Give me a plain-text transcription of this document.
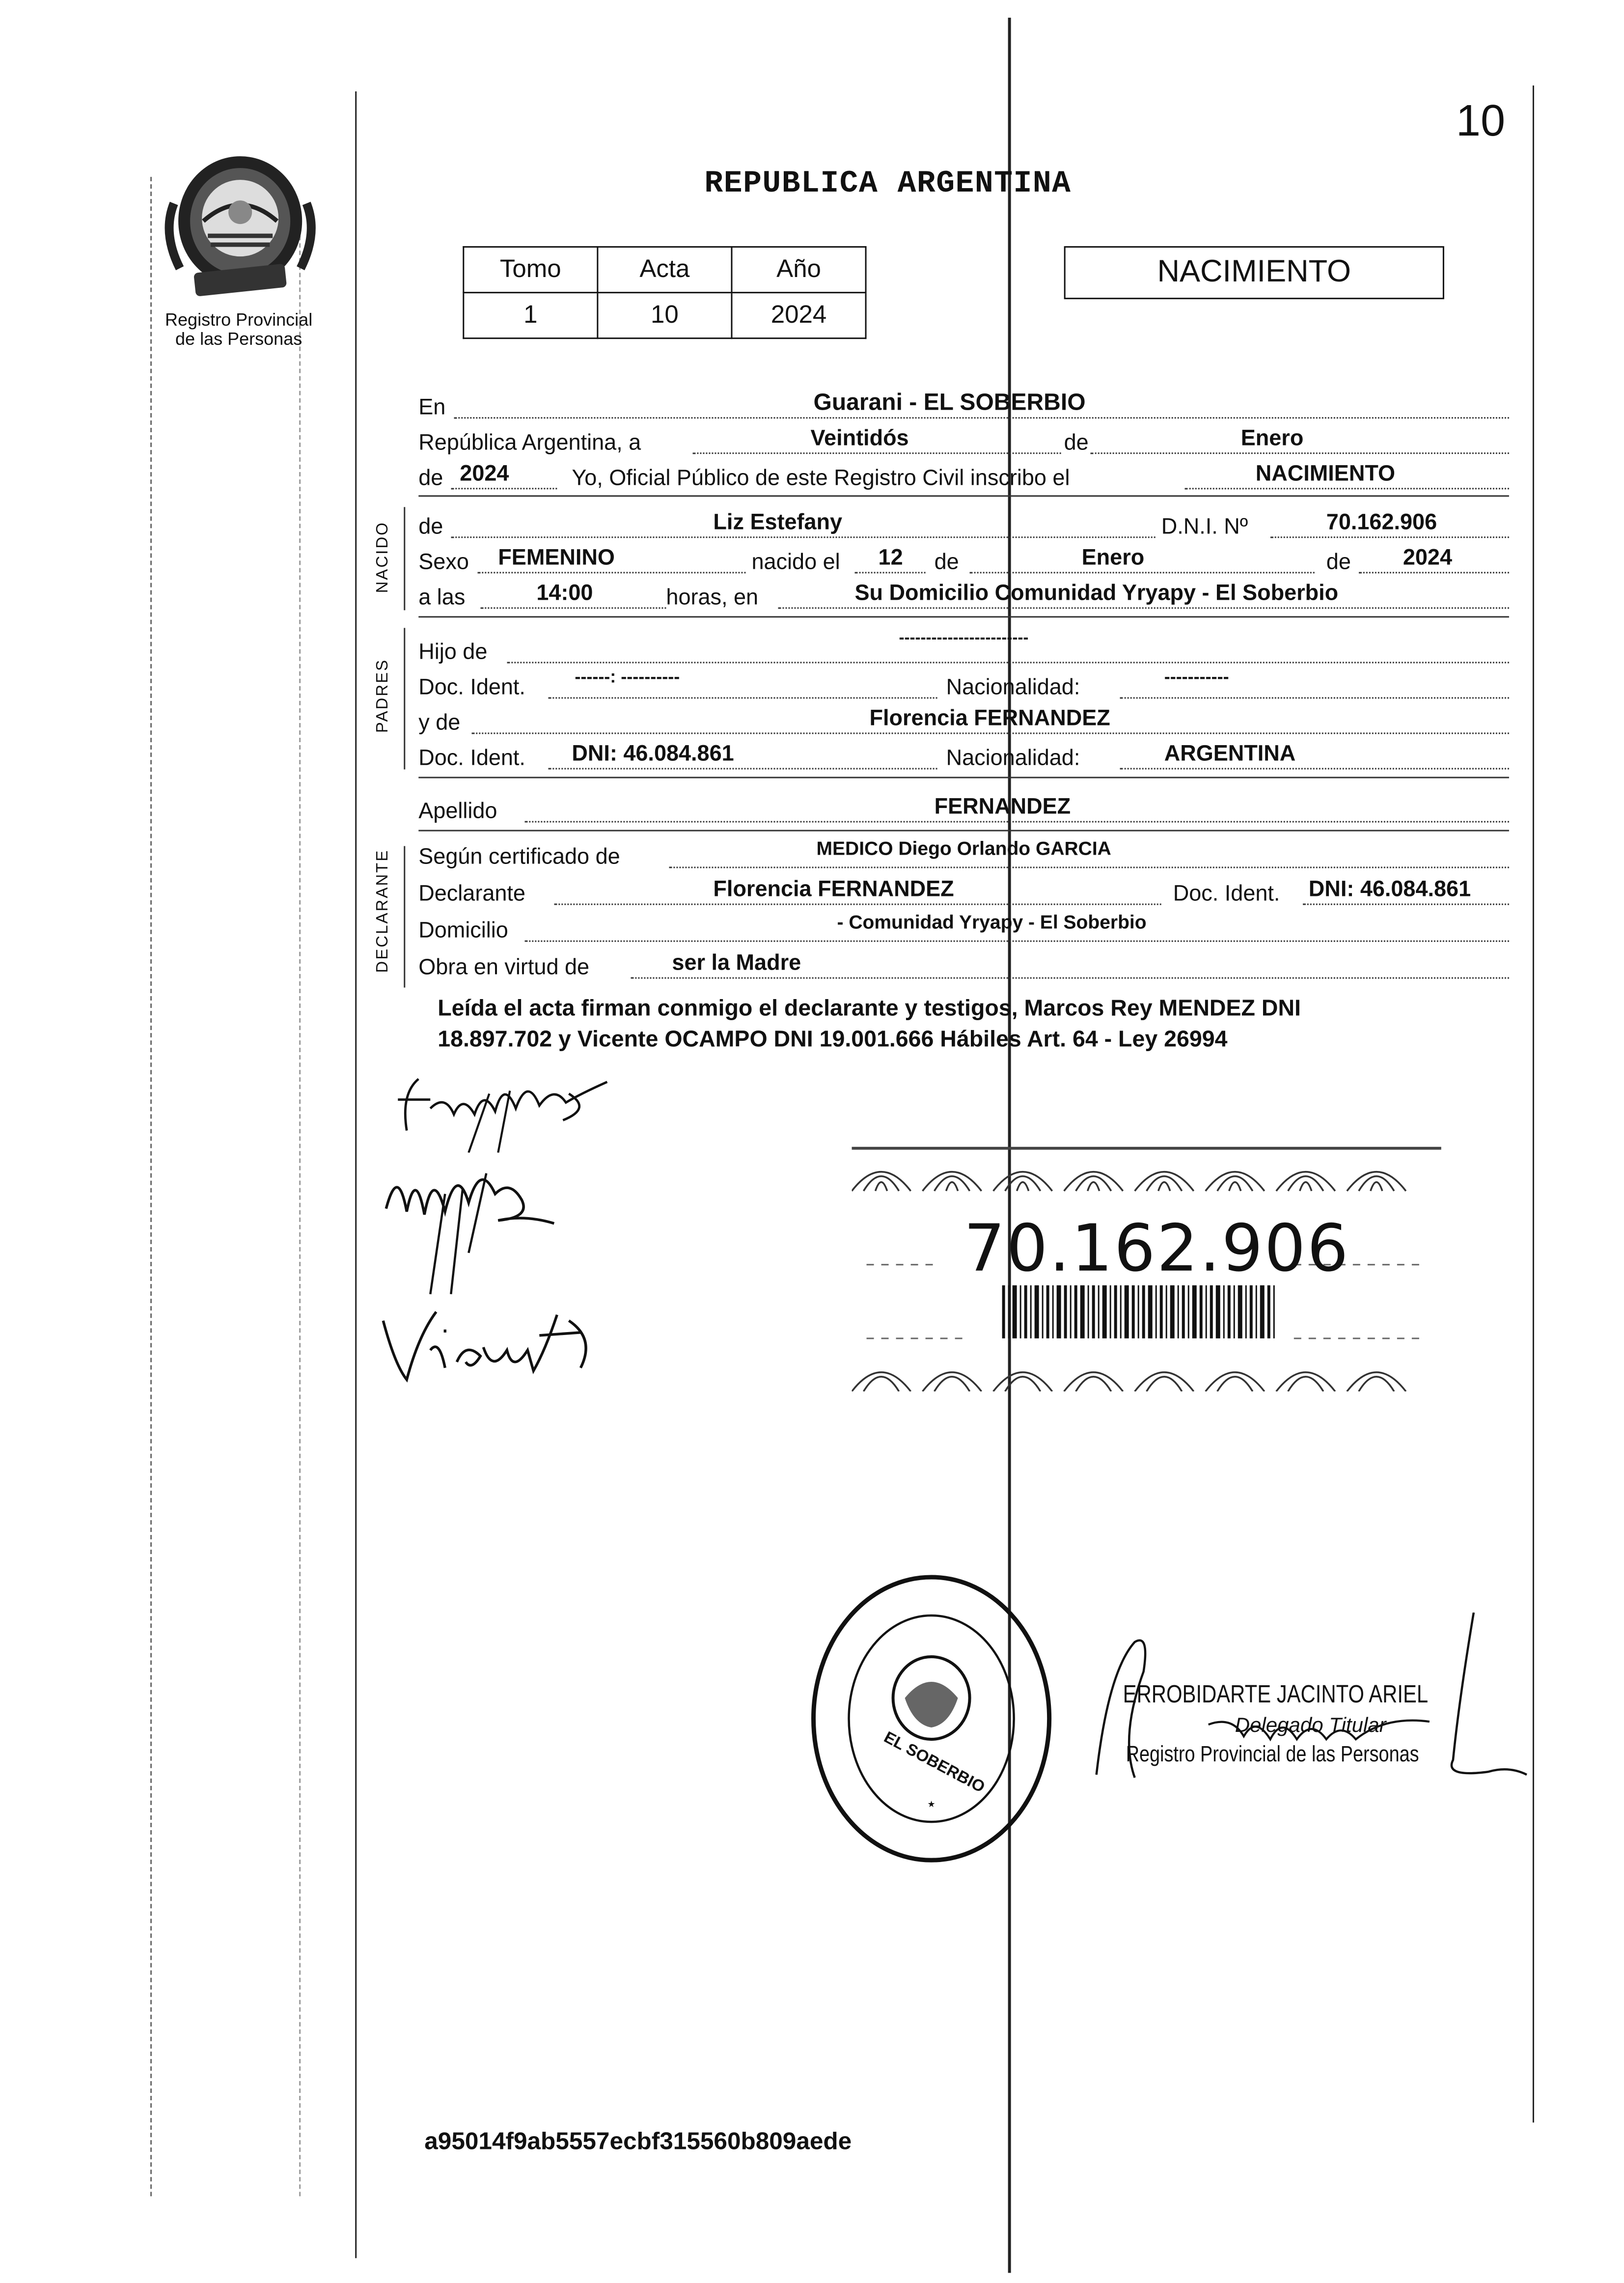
10
Registro Provincial
de las Personas
REPUBLICA ARGENTINA
Tomo	Acta	Año
1	10	2024
NACIMIENTO
En	Guarani - EL SOBERBIO
República Argentina, a	Veintidós	de	Enero
de 2024	Yo, Oficial Público de este Registro Civil inscribo el	NACIMIENTO
NACIDO	de	Liz Estefany	D.N.I. Nº	70.162.906
Sexo	FEMENINO	nacido el	12	de	Enero	de	2024
a las	14:00	horas, en	Su Domicilio Comunidad Yryapy - El Soberbio
PADRES
Hijo de
------------------------
Doc. Ident.	------: ----------	Nacionalidad:	-----------
y de	Florencia FERNANDEZ
Doc. Ident.	DNI: 46.084.861	Nacionalidad:	ARGENTINA
Apellido	FERNANDEZ
DECLARANTE	Según certificado de	MEDICO Diego Orlando GARCIA
Declarante	Florencia FERNANDEZ	Doc. Ident.	DNI: 46.084.861
Domicilio	- Comunidad Yryapy - El Soberbio
Obra en virtud de	ser la Madre
Leída el acta firman conmigo el declarante y testigos, Marcos Rey MENDEZ DNI
18.897.702 y Vicente OCAMPO DNI 19.001.666 Hábiles Art. 64 - Ley 26994
70.162.906
★
EL SOBERBIO
ERROBIDARTE JACINTO ARIEL
Delegado Titular
Registro Provincial de las Personas
a95014f9ab5557ecbf315560b809aede
